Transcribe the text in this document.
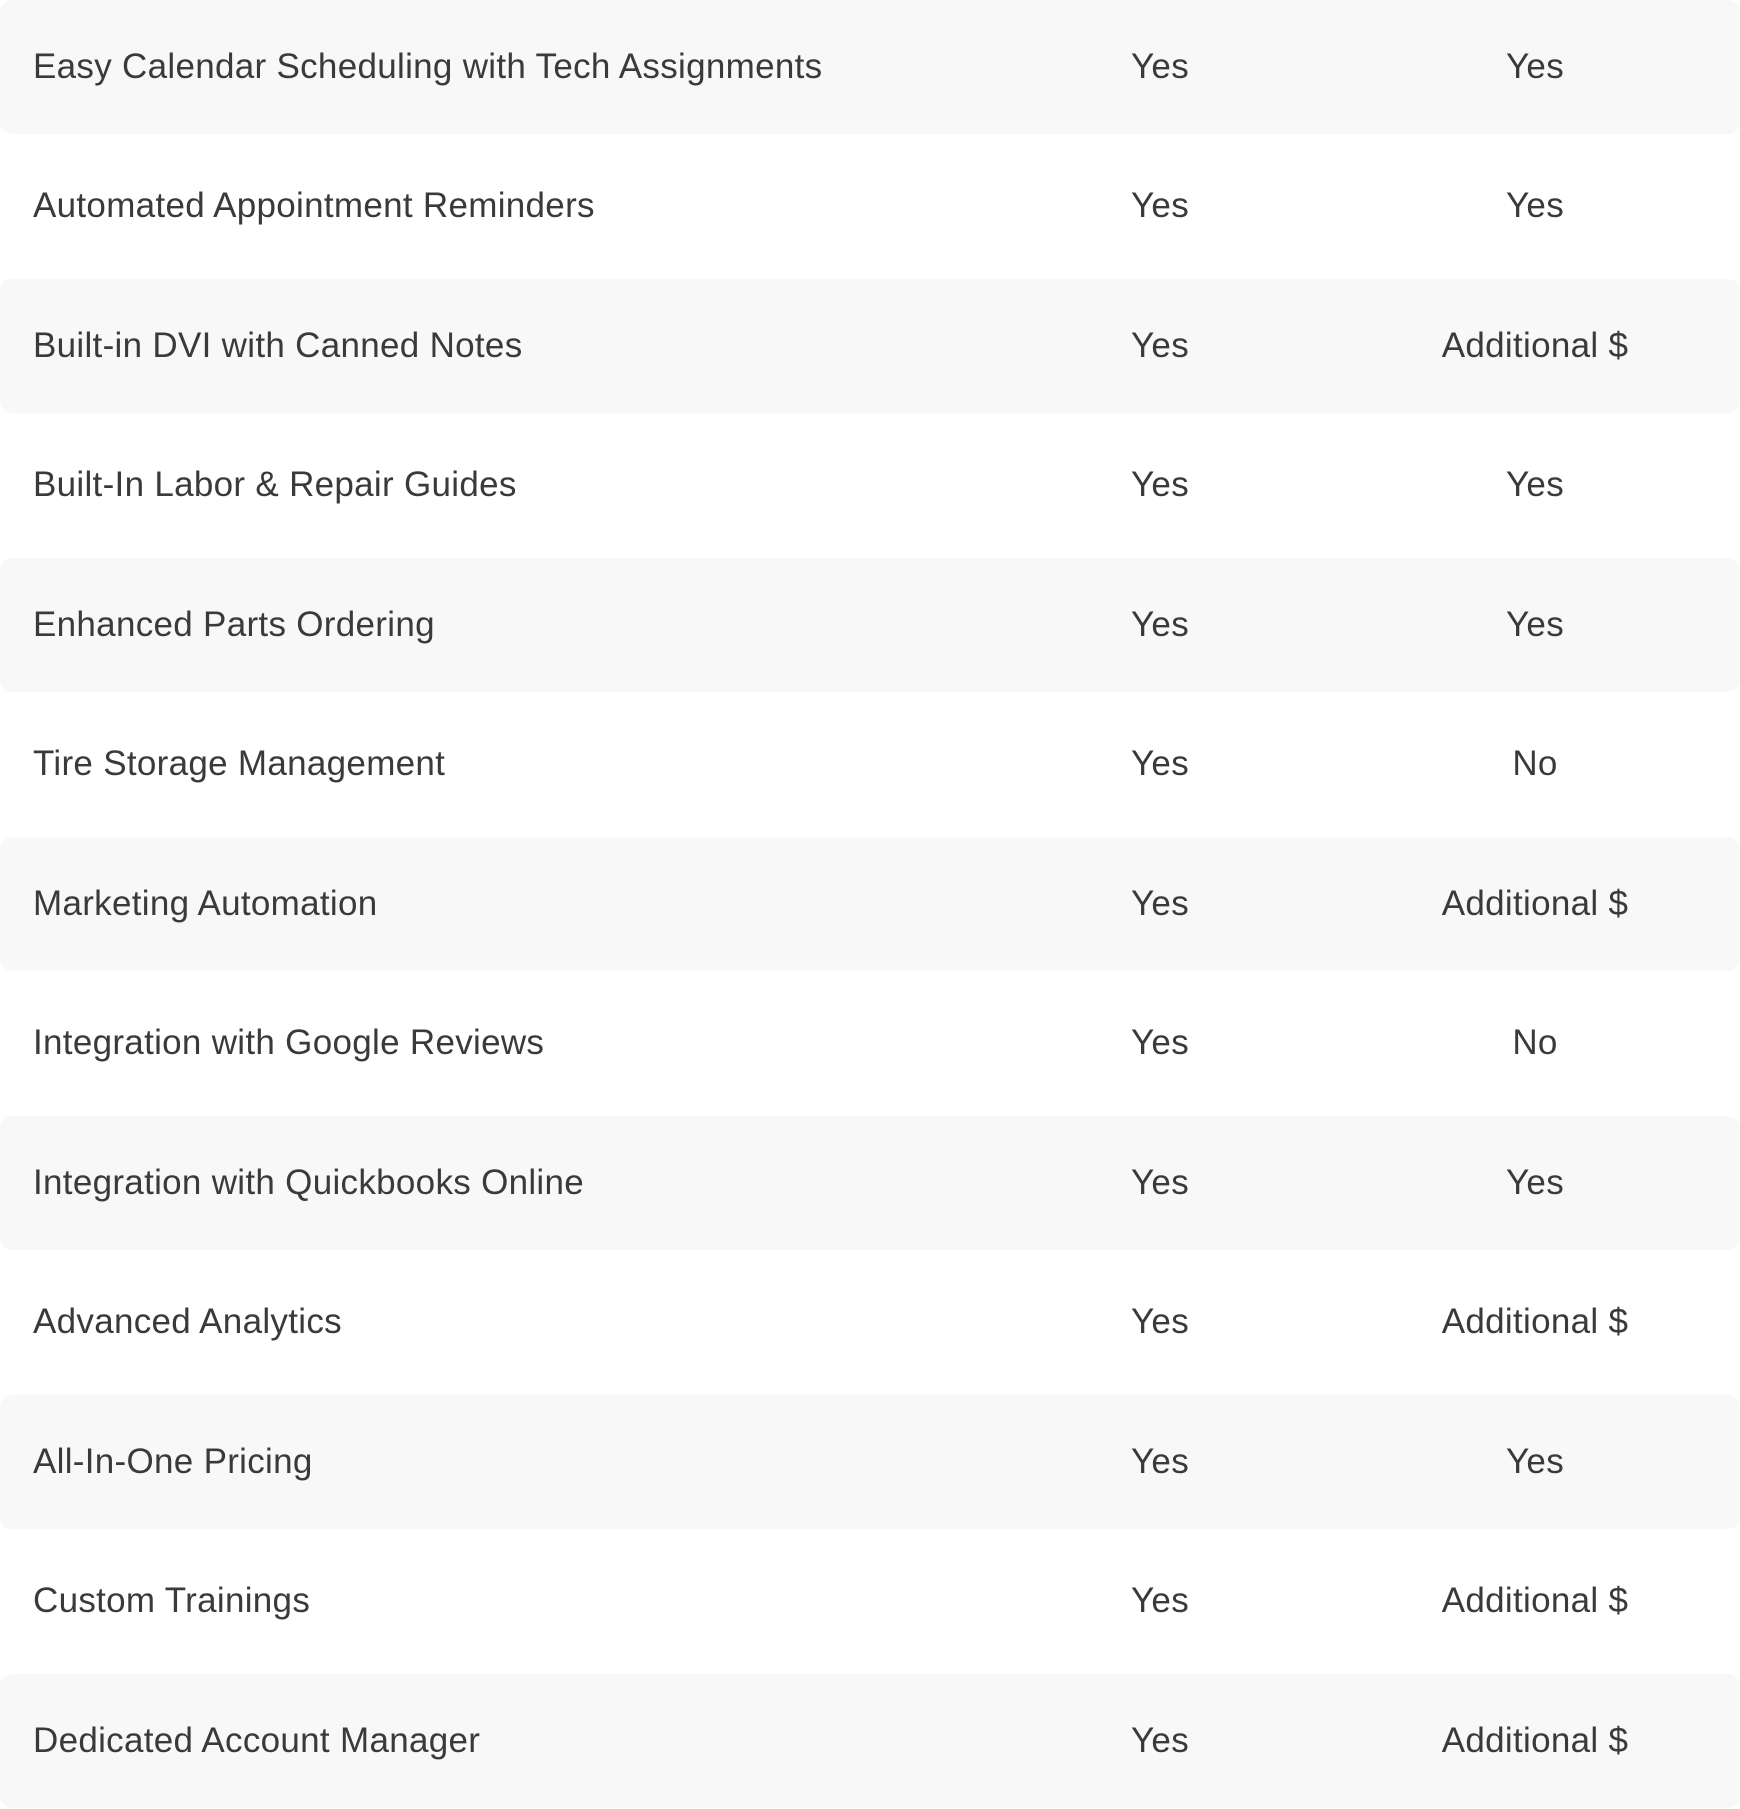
Easy Calendar Scheduling with Tech Assignments	Yes	Yes
Automated Appointment Reminders	Yes	Yes
Built-in DVI with Canned Notes	Yes	Additional $
Built-In Labor & Repair Guides	Yes	Yes
Enhanced Parts Ordering	Yes	Yes
Tire Storage Management	Yes	No
Marketing Automation	Yes	Additional $
Integration with Google Reviews	Yes	No
Integration with Quickbooks Online	Yes	Yes
Advanced Analytics	Yes	Additional $
All-In-One Pricing	Yes	Yes
Custom Trainings	Yes	Additional $
Dedicated Account Manager	Yes	Additional $
